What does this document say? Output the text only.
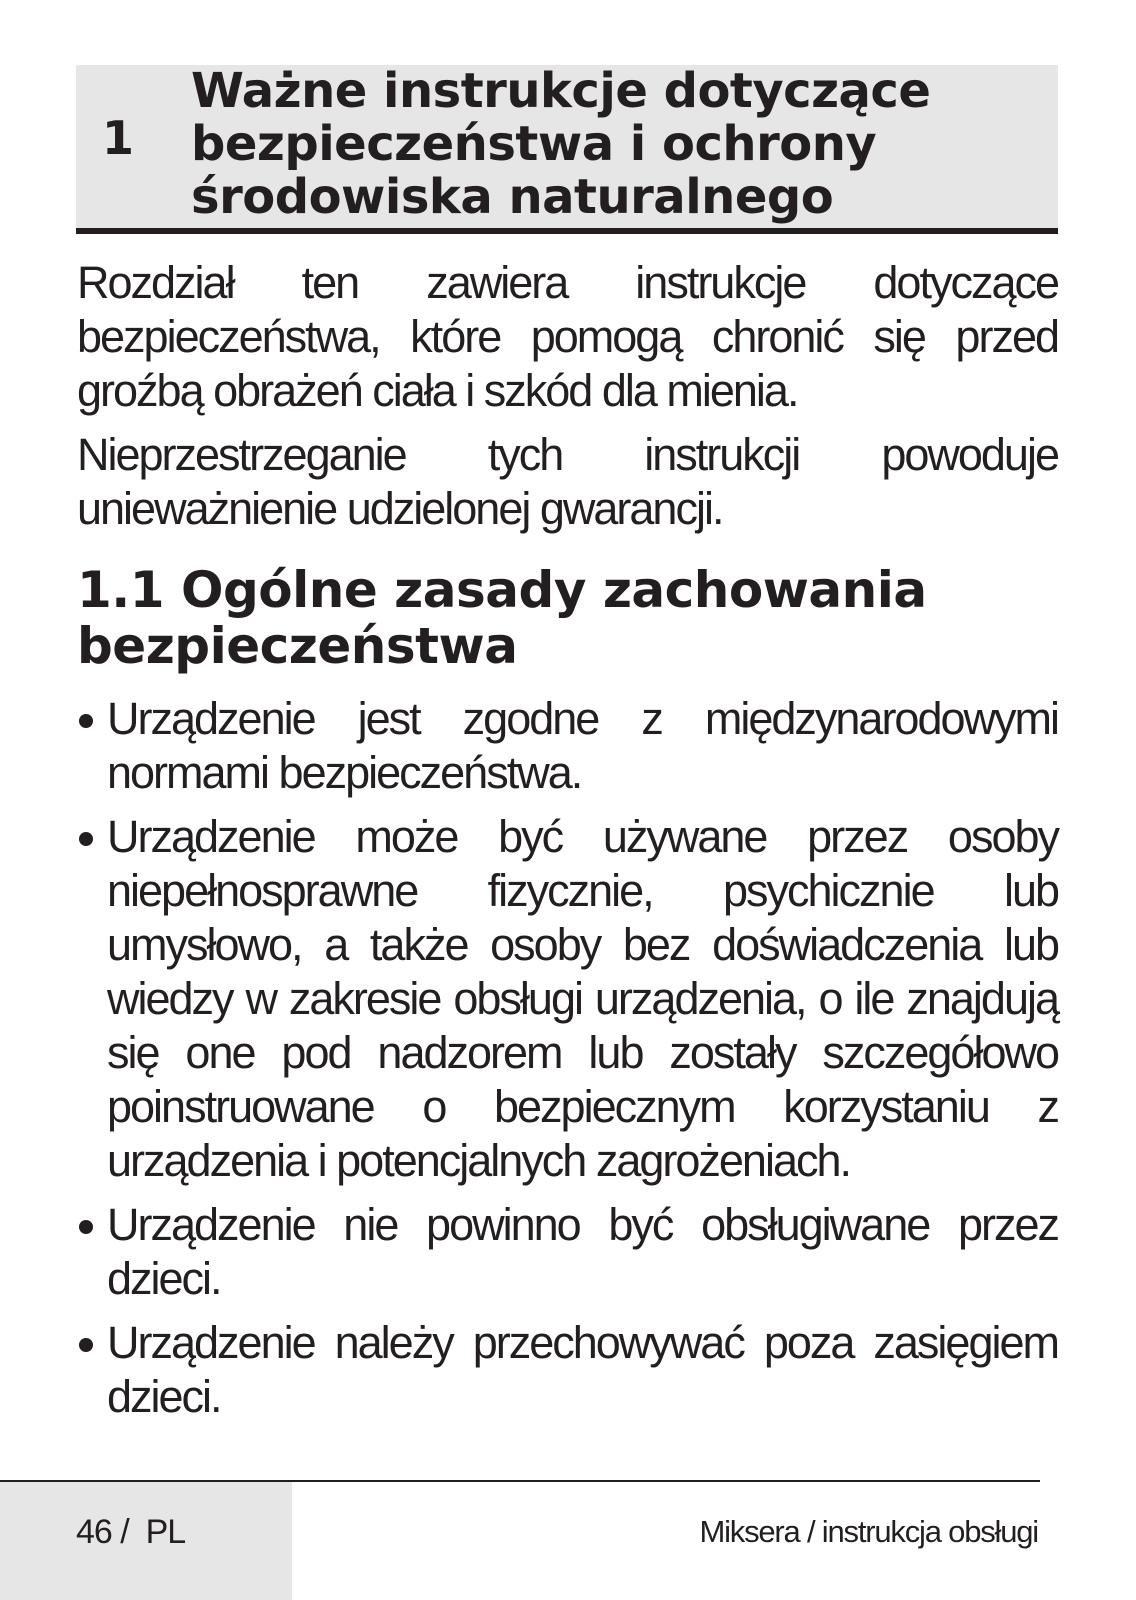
1
Ważne instrukcje dotyczące
bezpieczeństwa i ochrony
środowiska naturalnego

Rozdział ten zawiera instrukcje dotyczące bezpieczeństwa, które pomogą chronić się przed groźbą obrażeń ciała i szkód dla mienia.

Nieprzestrzeganie tych instrukcji powoduje unieważnienie udzielonej gwarancji.

1.1 Ogólne zasady zachowania bezpieczeństwa
Urządzenie jest zgodne z międzynarodowymi normami bezpieczeństwa.
Urządzenie może być używane przez osoby niepełnosprawne fizycznie, psychicznie lub umysłowo, a także osoby bez doświadczenia lub wiedzy w zakresie obsługi urządzenia, o ile znajdują się one pod nadzorem lub zostały szczegółowo poinstruowane o bezpiecznym korzystaniu z urządzenia i potencjalnych zagrożeniach.
Urządzenie nie powinno być obsługiwane przez dzieci.
Urządzenie należy przechowywać poza zasięgiem dzieci.
46 /  PL	Miksera / instrukcja obsługi
